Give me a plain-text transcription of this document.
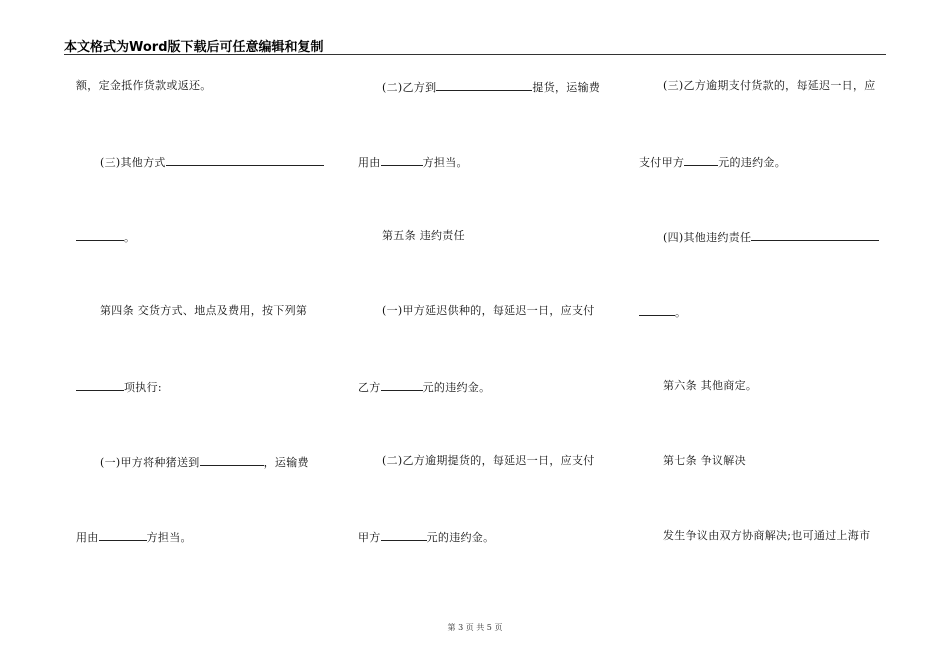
本文格式为Word版下载后可任意编辑和复制
额，定金抵作货款或返还。
(三)其他方式
。
第四条 交货方式、地点及费用，按下列第
项执行:
(一)甲方将种猪送到	，运输费
用由	方担当。
(二)乙方到	提货，运输费
用由	方担当。
第五条 违约责任
(一)甲方延迟供种的，每延迟一日，应支付
乙方	元的违约金。
(二)乙方逾期提货的，每延迟一日，应支付
甲方	元的违约金。
(三)乙方逾期支付货款的，每延迟一日，应
支付甲方	元的违约金。
(四)其他违约责任
。
第六条 其他商定。
第七条 争议解决
发生争议由双方协商解决;也可通过上海市
第 3 页 共 5 页
